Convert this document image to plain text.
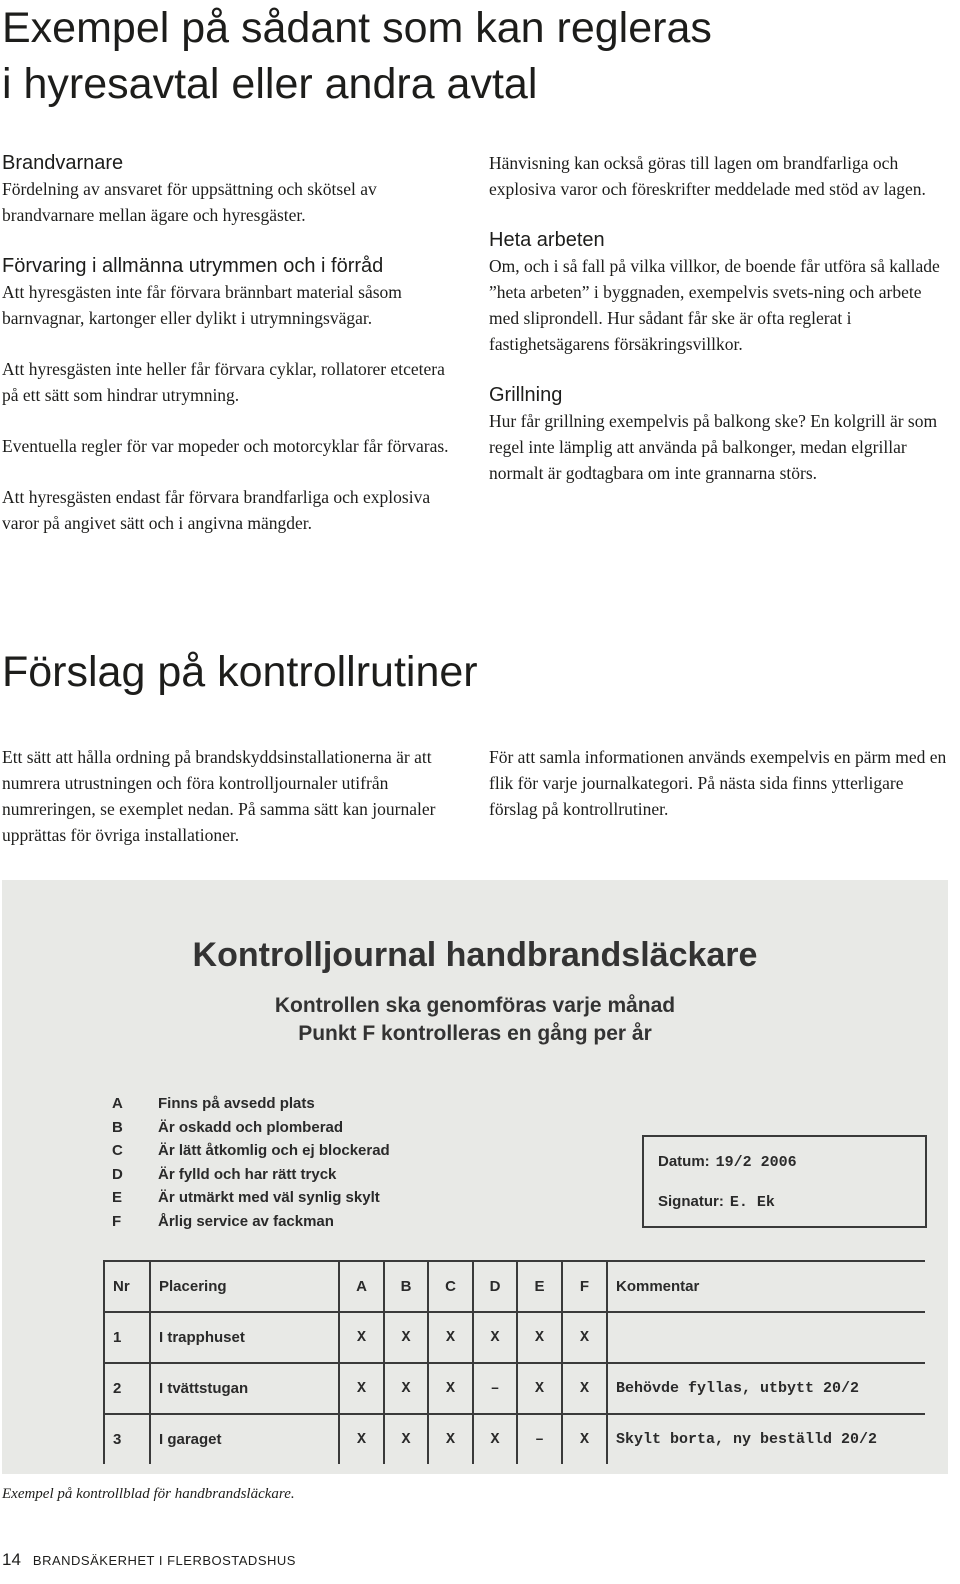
Exempel på sådant som kan regleras
i hyresavtal eller andra avtal

Brandvarnare

Fördelning av ansvaret för uppsättning och skötsel av brandvarnare mellan ägare och hyresgäster.

Förvaring i allmänna utrymmen och i förråd

Att hyresgästen inte får förvara brännbart material såsom barnvagnar, kartonger eller dylikt i utrymningsvägar.

Att hyresgästen inte heller får förvara cyklar, rollatorer etcetera på ett sätt som hindrar utrymning.

Eventuella regler för var mopeder och motorcyklar får förvaras.

Att hyresgästen endast får förvara brandfarliga och explosiva varor på angivet sätt och i angivna mängder.

Hänvisning kan också göras till lagen om brandfarliga och explosiva varor och föreskrifter meddelade med stöd av lagen.

Heta arbeten

Om, och i så fall på vilka villkor, de boende får utföra så kallade ”heta arbeten” i byggnaden, exempelvis svets-ning och arbete med sliprondell. Hur sådant får ske är ofta reglerat i fastighetsägarens försäkringsvillkor.

Grillning

Hur får grillning exempelvis på balkong ske? En kolgrill är som regel inte lämplig att använda på balkonger, medan elgrillar normalt är godtagbara om inte grannarna störs.

Förslag på kontrollrutiner

Ett sätt att hålla ordning på brandskyddsinstallationerna är att numrera utrustningen och föra kontrolljournaler utifrån numreringen, se exemplet nedan. På samma sätt kan journaler upprättas för övriga installationer.

För att samla informationen används exempelvis en pärm med en flik för varje journalkategori. På nästa sida finns ytterligare förslag på kontrollrutiner.

Kontrolljournal handbrandsläckare
Kontrollen ska genomföras varje månad
Punkt F kontrolleras en gång per år
A Finns på avsedd plats
B Är oskadd och plomberad
C Är lätt åtkomlig och ej blockerad
D Är fylld och har rätt tryck
E Är utmärkt med väl synlig skylt
F Årlig service av fackman
Datum: 19/2 2006
Signatur: E. Ek
Nr	Placering	A	B	C	D	E	F	Kommentar
1	I trapphuset	X	X	X	X	X	X	
2	I tvättstugan	X	X	X	–	X	X	Behövde fyllas, utbytt 20/2
3	I garaget	X	X	X	X	–	X	Skylt borta, ny beställd 20/2
Exempel på kontrollblad för handbrandsläckare.
14 BRANDSÄKERHET I FLERBOSTADSHUS
